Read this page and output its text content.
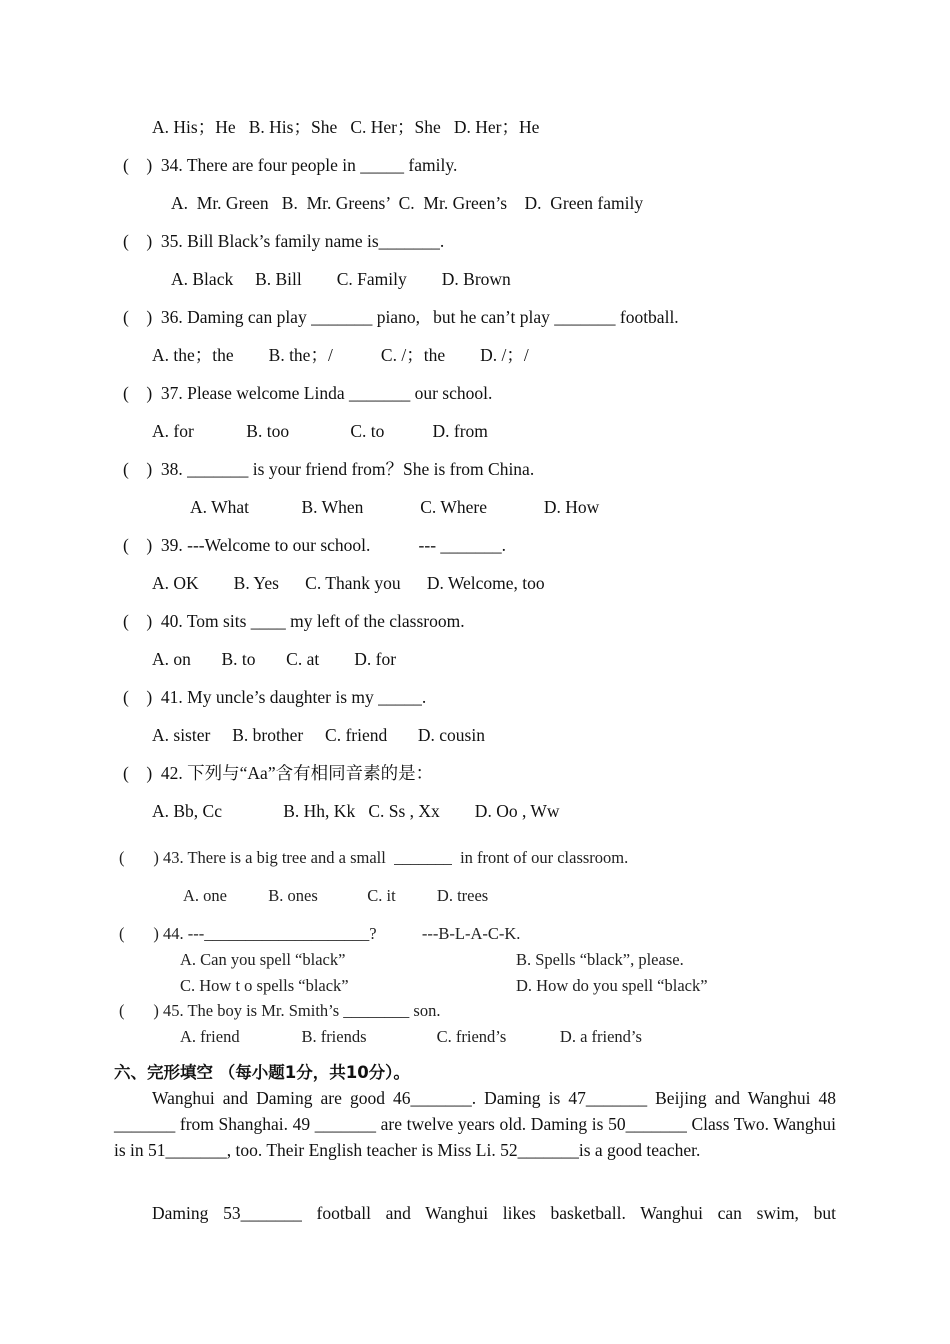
A. His；He   B. His；She   C. Her；She   D. Her；He
(    )  34. There are four people in _____ family.
A.  Mr. Green   B.  Mr. Greens’  C.  Mr. Green’s    D.  Green family
(    )  35. Bill Black’s family name is_______.
A. Black     B. Bill        C. Family        D. Brown
(    )  36. Daming can play _______ piano,   but he can’t play _______ football.
A. the；the        B. the；/           C. /；the        D. /；/
(    )  37. Please welcome Linda _______ our school.
A. for            B. too              C. to           D. from
(    )  38. _______ is your friend from？She is from China.
A. What            B. When             C. Where             D. How
(    )  39. ---Welcome to our school.           --- _______.
A. OK        B. Yes      C. Thank you      D. Welcome, too
(    )  40. Tom sits ____ my left of the classroom.
A. on       B. to       C. at        D. for
(    )  41. My uncle’s daughter is my _____.
A. sister     B. brother     C. friend       D. cousin
(    )  42. 下列与“Aa”含有相同音素的是：
A. Bb, Cc              B. Hh, Kk   C. Ss , Xx        D. Oo , Ww
(       ) 43. There is a big tree and a small  _______  in front of our classroom.
A. one          B. ones            C. it          D. trees
(       ) 44. ---____________________?           ---B-L-A-C-K.
A. Can you spell “black”	B. Spells “black”, please.
C. How t o spells “black”	D. How do you spell “black”
(       ) 45. The boy is Mr. Smith’s ________ son.
A. friend               B. friends                 C. friend’s             D. a friend’s
六、完形填空 （每小题1分，共10分）。

Wanghui and Daming are good 46_______. Daming is 47_______ Beijing and Wanghui 48 _______ from Shanghai. 49 _______ are twelve years old. Daming is 50_______ Class Two. Wanghui is in 51_______, too. Their English teacher is Miss Li. 52_______is a good teacher.

Daming 53_______ football and Wanghui likes basketball. Wanghui can swim, but
